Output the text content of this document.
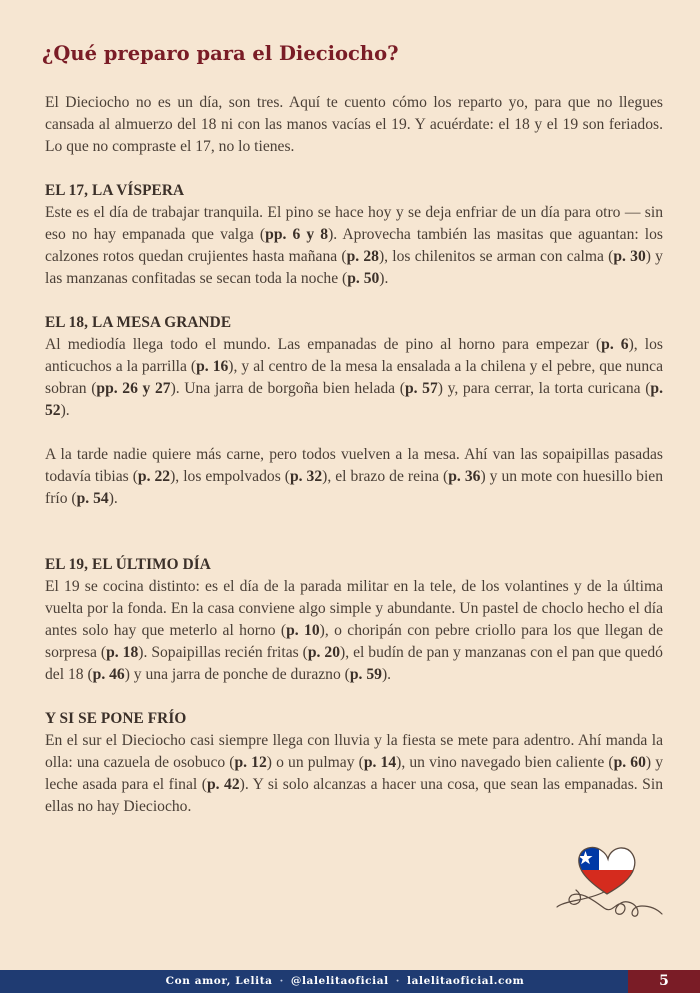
¿Qué preparo para el Dieciocho?

El Dieciocho no es un día, son tres. Aquí te cuento cómo los reparto yo, para que no llegues cansada al almuerzo del 18 ni con las manos vacías el 19. Y acuérdate: el 18 y el 19 son feriados. Lo que no compraste el 17, no lo tienes.

EL 17, LA VÍSPERA

Este es el día de trabajar tranquila. El pino se hace hoy y se deja enfriar de un día para otro — sin eso no hay empanada que valga (pp. 6 y 8). Aprovecha también las masitas que aguantan: los calzones rotos quedan crujientes hasta mañana (p. 28), los chilenitos se arman con calma (p. 30) y las manzanas confitadas se secan toda la noche (p. 50).

EL 18, LA MESA GRANDE

Al mediodía llega todo el mundo. Las empanadas de pino al horno para empezar (p. 6), los anticuchos a la parrilla (p. 16), y al centro de la mesa la ensalada a la chilena y el pebre, que nunca sobran (pp. 26 y 27). Una jarra de borgoña bien helada (p. 57) y, para cerrar, la torta curicana (p. 52).

A la tarde nadie quiere más carne, pero todos vuelven a la mesa. Ahí van las sopaipillas pasadas todavía tibias (p. 22), los empolvados (p. 32), el brazo de reina (p. 36) y un mote con huesillo bien frío (p. 54).

EL 19, EL ÚLTIMO DÍA

El 19 se cocina distinto: es el día de la parada militar en la tele, de los volantines y de la última vuelta por la fonda. En la casa conviene algo simple y abundante. Un pastel de choclo hecho el día antes solo hay que meterlo al horno (p. 10), o choripán con pebre criollo para los que llegan de sorpresa (p. 18). Sopaipillas recién fritas (p. 20), el budín de pan y manzanas con el pan que quedó del 18 (p. 46) y una jarra de ponche de durazno (p. 59).

Y SI SE PONE FRÍO

En el sur el Dieciocho casi siempre llega con lluvia y la fiesta se mete para adentro. Ahí manda la olla: una cazuela de osobuco (p. 12) o un pulmay (p. 14), un vino navegado bien caliente (p. 60) y leche asada para el final (p. 42). Y si solo alcanzas a hacer una cosa, que sean las empanadas. Sin ellas no hay Dieciocho.

Con amor, Lelita · @lalelitaoficial · lalelitaoficial.com	5
